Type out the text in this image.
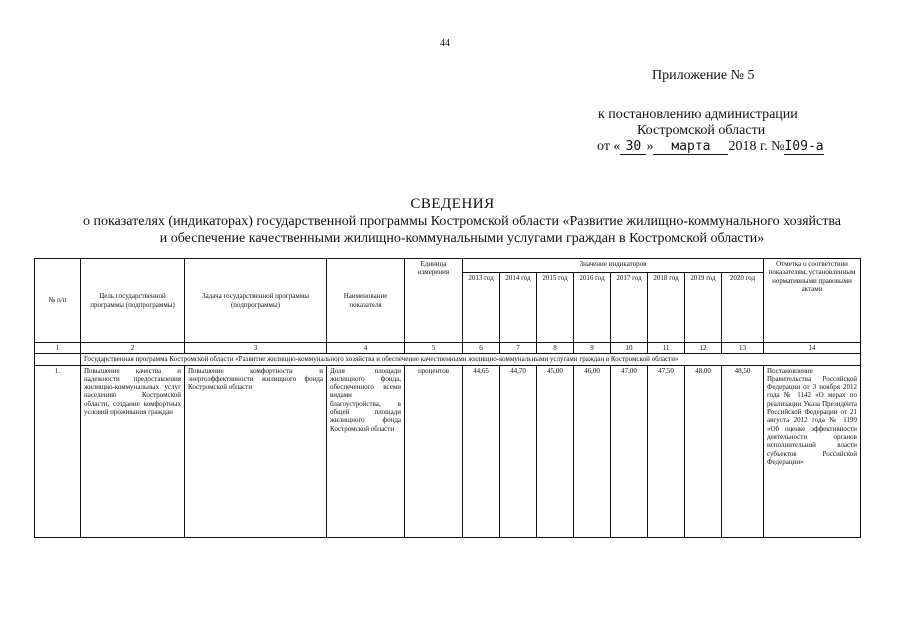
44
Приложение № 5
к постановлению администрации
Костромской области
от « 30 » марта 2018 г. №I09-а
СВЕДЕНИЯ
о показателях (индикаторах) государственной программы Костромской области «Развитие жилищно-коммунального хозяйства и обеспечение качественными жилищно-коммунальными услугами граждан в Костромской области»
№ п/п	Цель государственной программы (подпрограммы)	Задача государственной программы (подпрограммы)	Наименование показателя	Единица измерения	Значение индикаторов								Отметка о соответствии показателям, установленным нормативными правовыми актами
					2013 год	2014 год	2015 год	2016 год	2017 год	2018 год	2019 год	2020 год	
1	2	3	4	5	6	7	8	9	10	11	12	13	14
	Государственная программа Костромской области «Развитие жилищно-коммунального хозяйства и обеспечение качественными жилищно-коммунальными услугами граждан в Костромской области»												
1.	Повышение качества и надежности предоставления жилищно-коммунальных услуг населению Костромской области, создание комфортных условий проживания граждан	Повышение комфортности и энергоэффективности жилищного фонда Костромской области	Доля площади жилищного фонда, обеспеченного всеми видами благоустройства, в общей площади жилищного фонда Костромской области	процентов	44,65	44,70	45,00	46,00	47,00	47,50	48,00	48,50	Постановление Правительства Российской Федерации от 3 ноября 2012 года № 1142 «О мерах по реализации Указа Президента Российской Федерации от 21 августа 2012 года № 1199 «Об оценке эффективности деятельности органов исполнительной власти субъектов Российской Федерации»
